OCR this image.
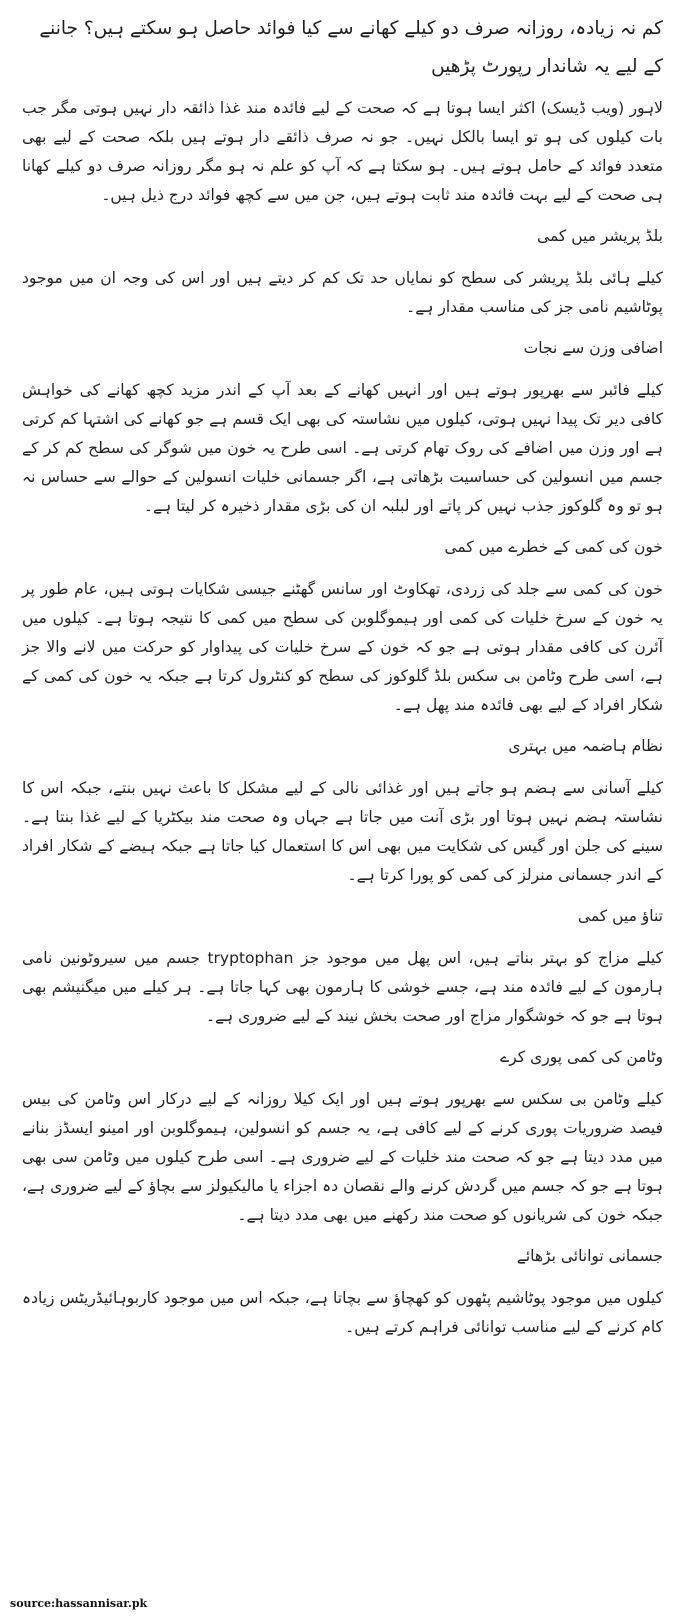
کم نہ زیادہ، روزانہ صرف دو کیلے کھانے سے کیا فوائد حاصل ہو سکتے ہیں؟ جاننے کے لیے یہ شاندار رپورٹ پڑھیں

لاہور (ویب ڈیسک) اکثر ایسا ہوتا ہے کہ صحت کے لیے فائدہ مند غذا ذائقہ دار نہیں ہوتی مگر جب بات کیلوں کی ہو تو ایسا بالکل نہیں۔ جو نہ صرف ذائقے دار ہوتے ہیں بلکہ صحت کے لیے بھی متعدد فوائد کے حامل ہوتے ہیں۔ ہو سکتا ہے کہ آپ کو علم نہ ہو مگر روزانہ صرف دو کیلے کھانا ہی صحت کے لیے بہت فائدہ مند ثابت ہوتے ہیں، جن میں سے کچھ فوائد درج ذیل ہیں۔

بلڈ پریشر میں کمی

کیلے ہائی بلڈ پریشر کی سطح کو نمایاں حد تک کم کر دیتے ہیں اور اس کی وجہ ان میں موجود پوٹاشیم نامی جز کی مناسب مقدار ہے۔

اضافی وزن سے نجات

کیلے فائبر سے بھرپور ہوتے ہیں اور انہیں کھانے کے بعد آپ کے اندر مزید کچھ کھانے کی خواہش کافی دیر تک پیدا نہیں ہوتی، کیلوں میں نشاستہ کی بھی ایک قسم ہے جو کھانے کی اشتہا کم کرتی ہے اور وزن میں اضافے کی روک تھام کرتی ہے۔ اسی طرح یہ خون میں شوگر کی سطح کم کر کے جسم میں انسولین کی حساسیت بڑھاتی ہے، اگر جسمانی خلیات انسولین کے حوالے سے حساس نہ ہو تو وہ گلوکوز جذب نہیں کر پاتے اور لبلبہ ان کی بڑی مقدار ذخیرہ کر لیتا ہے۔

خون کی کمی کے خطرے میں کمی

خون کی کمی سے جلد کی زردی، تھکاوٹ اور سانس گھٹنے جیسی شکایات ہوتی ہیں، عام طور پر یہ خون کے سرخ خلیات کی کمی اور ہیموگلوبن کی سطح میں کمی کا نتیجہ ہوتا ہے۔ کیلوں میں آئرن کی کافی مقدار ہوتی ہے جو کہ خون کے سرخ خلیات کی پیداوار کو حرکت میں لانے والا جز ہے، اسی طرح وٹامن بی سکس بلڈ گلوکوز کی سطح کو کنٹرول کرتا ہے جبکہ یہ خون کی کمی کے شکار افراد کے لیے بھی فائدہ مند پھل ہے۔

نظام ہاضمہ میں بہتری

کیلے آسانی سے ہضم ہو جاتے ہیں اور غذائی نالی کے لیے مشکل کا باعث نہیں بنتے، جبکہ اس کا نشاستہ ہضم نہیں ہوتا اور بڑی آنت میں جاتا ہے جہاں وہ صحت مند بیکٹریا کے لیے غذا بنتا ہے۔ سینے کی جلن اور گیس کی شکایت میں بھی اس کا استعمال کیا جاتا ہے جبکہ ہیضے کے شکار افراد کے اندر جسمانی منرلز کی کمی کو پورا کرتا ہے۔

تناؤ میں کمی

کیلے مزاج کو بہتر بناتے ہیں، اس پھل میں موجود جز tryptophan جسم میں سیروٹونین نامی ہارمون کے لیے فائدہ مند ہے، جسے خوشی کا ہارمون بھی کہا جاتا ہے۔ ہر کیلے میں میگنیشم بھی ہوتا ہے جو کہ خوشگوار مزاج اور صحت بخش نیند کے لیے ضروری ہے۔

وٹامن کی کمی پوری کرے

کیلے وٹامن بی سکس سے بھرپور ہوتے ہیں اور ایک کیلا روزانہ کے لیے درکار اس وٹامن کی بیس فیصد ضروریات پوری کرنے کے لیے کافی ہے، یہ جسم کو انسولین، ہیموگلوبن اور امینو ایسڈز بنانے میں مدد دیتا ہے جو کہ صحت مند خلیات کے لیے ضروری ہے۔ اسی طرح کیلوں میں وٹامن سی بھی ہوتا ہے جو کہ جسم میں گردش کرنے والے نقصان دہ اجزاء یا مالیکیولز سے بچاؤ کے لیے ضروری ہے، جبکہ خون کی شریانوں کو صحت مند رکھنے میں بھی مدد دیتا ہے۔

جسمانی توانائی بڑھائے

کیلوں میں موجود پوٹاشیم پٹھوں کو کھچاؤ سے بچاتا ہے، جبکہ اس میں موجود کاربوہائیڈریٹس زیادہ کام کرنے کے لیے مناسب توانائی فراہم کرتے ہیں۔

source:hassannisar.pk
